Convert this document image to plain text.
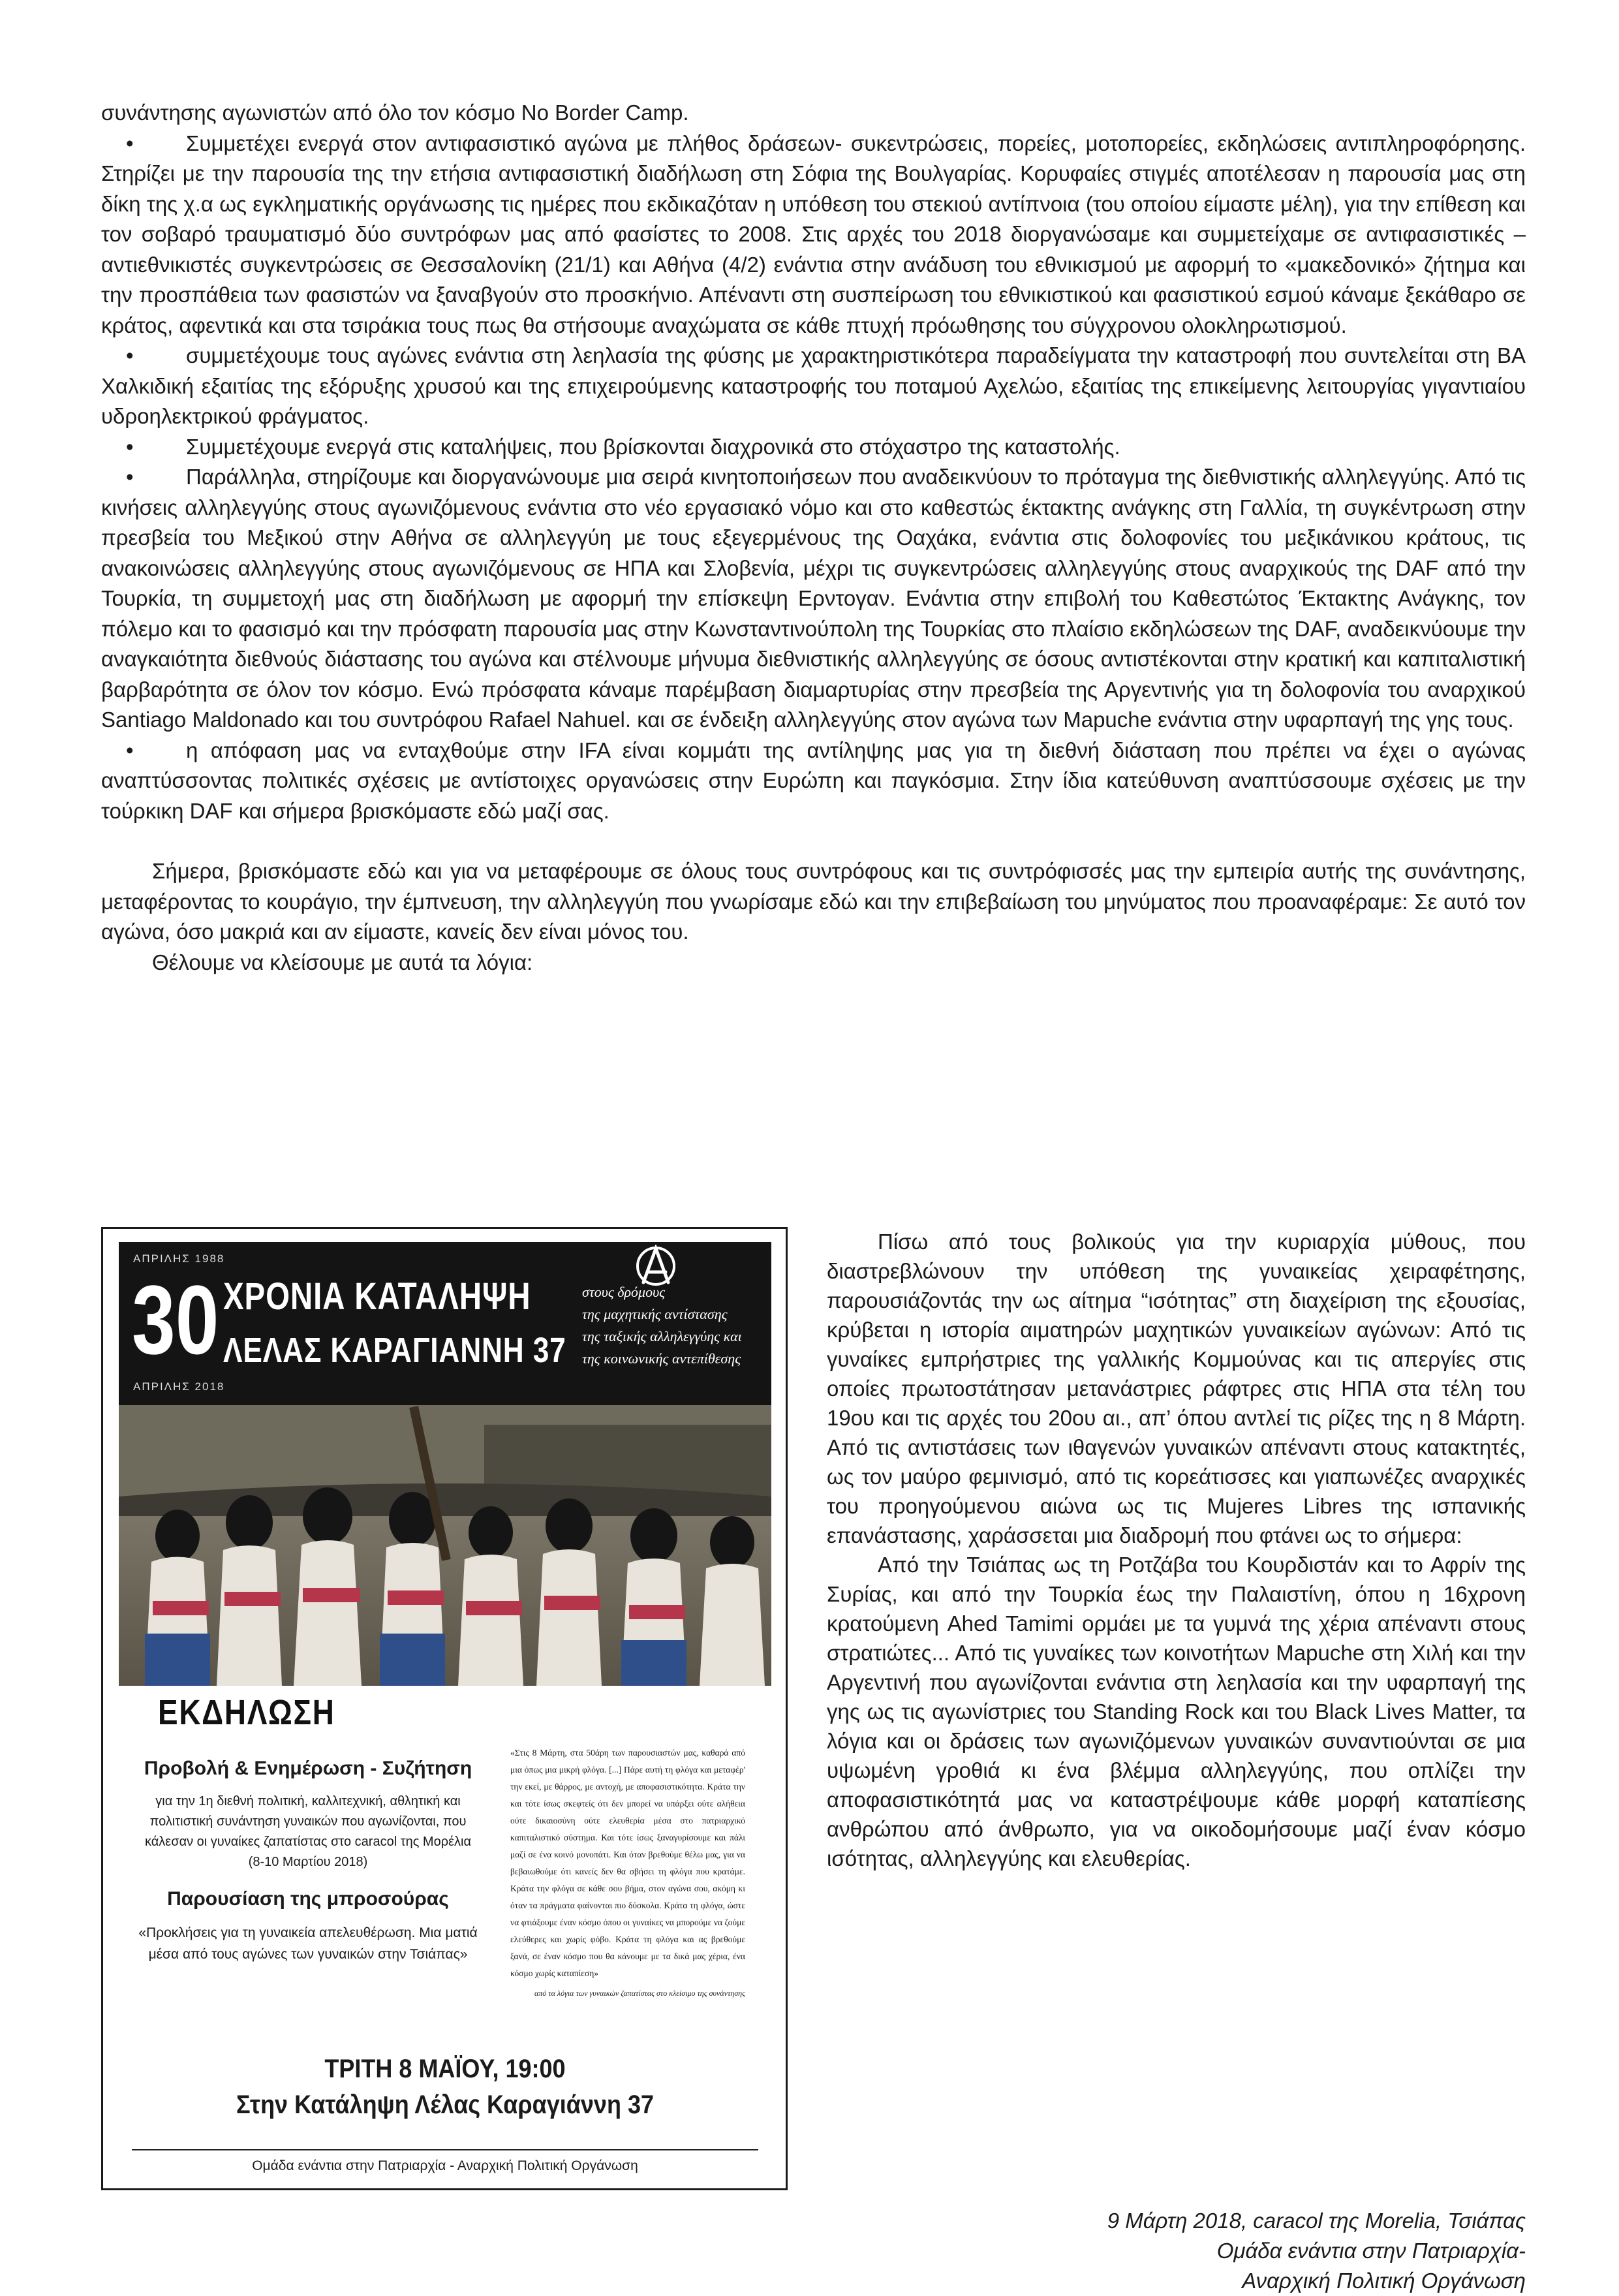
συνάντησης αγωνιστών από όλο τον κόσμο No Border Camp.

•	Συμμετέχει ενεργά στον αντιφασιστικό αγώνα με πλήθος δράσεων- συκεντρώσεις, πορείες, μοτοπορείες, εκδηλώσεις αντιπληροφόρησης. Στηρίζει με την παρουσία της την ετήσια αντιφασιστική διαδήλωση στη Σόφια της Βουλγαρίας. Κορυφαίες στιγμές αποτέλεσαν η παρουσία μας στη δίκη της χ.α ως εγκληματικής οργάνωσης τις ημέρες που εκδικαζόταν η υπόθεση του στεκιού αντίπνοια (του οποίου είμαστε μέλη), για την επίθεση και τον σοβαρό τραυματισμό δύο συντρόφων μας από φασίστες το 2008. Στις αρχές του 2018 διοργανώσαμε και συμμετείχαμε σε αντιφασιστικές – αντιεθνικιστές συγκεντρώσεις σε Θεσσαλονίκη (21/1) και Αθήνα (4/2) ενάντια στην ανάδυση του εθνικισμού με αφορμή το «μακεδονικό» ζήτημα και την προσπάθεια των φασιστών να ξαναβγούν στο προσκήνιο. Απέναντι στη συσπείρωση του εθνικιστικού και φασιστικού εσμού κάναμε ξεκάθαρο σε κράτος, αφεντικά και στα τσιράκια τους πως θα στήσουμε αναχώματα σε κάθε πτυχή πρόωθησης του σύγχρονου ολοκληρωτισμού.
•	συμμετέχουμε τους αγώνες ενάντια στη λεηλασία της φύσης με χαρακτηριστικότερα παραδείγματα την καταστροφή που συντελείται στη ΒΑ Χαλκιδική εξαιτίας της εξόρυξης χρυσού και της επιχειρούμενης καταστροφής του ποταμού Αχελώο, εξαιτίας της επικείμενης λειτουργίας γιγαντιαίου υδροηλεκτρικού φράγματος.
•	Συμμετέχουμε ενεργά στις καταλήψεις, που βρίσκονται διαχρονικά στο στόχαστρο της καταστολής.
•	Παράλληλα, στηρίζουμε και διοργανώνουμε μια σειρά κινητοποιήσεων που αναδεικνύουν το πρόταγμα της διεθνιστικής αλληλεγγύης. Από τις κινήσεις αλληλεγγύης στους αγωνιζόμενους ενάντια στο νέο εργασιακό νόμο και στο καθεστώς έκτακτης ανάγκης στη Γαλλία, τη συγκέντρωση στην πρεσβεία του Μεξικού στην Αθήνα σε αλληλεγγύη με τους εξεγερμένους της Οαχάκα, ενάντια στις δολοφονίες του μεξικάνικου κράτους, τις ανακοινώσεις αλληλεγγύης στους αγωνιζόμενους σε ΗΠΑ και Σλοβενία, μέχρι τις συγκεντρώσεις αλληλεγγύης στους αναρχικούς της DAF από την Τουρκία, τη συμμετοχή μας στη διαδήλωση με αφορμή την επίσκεψη Ερντογαν. Ενάντια στην επιβολή του Καθεστώτος Έκτακτης Ανάγκης, τον πόλεμο και το φασισμό και την πρόσφατη παρουσία μας στην Κωνσταντινούπολη της Τουρκίας στο πλαίσιο εκδηλώσεων της DAF, αναδεικνύουμε την αναγκαιότητα διεθνούς διάστασης του αγώνα και στέλνουμε μήνυμα διεθνιστικής αλληλεγγύης σε όσους αντιστέκονται στην κρατική και καπιταλιστική βαρβαρότητα σε όλον τον κόσμο. Ενώ πρόσφατα κάναμε παρέμβαση διαμαρτυρίας στην πρεσβεία της Αργεντινής για τη δολοφονία του αναρχικού Santiago Maldonado και του συντρόφου Rafael Nahuel. και σε ένδειξη αλληλεγγύης στον αγώνα των Mapuche ενάντια στην υφαρπαγή της γης τους.
•	η απόφαση μας να ενταχθούμε στην IFA είναι κομμάτι της αντίληψης μας για τη διεθνή διάσταση που πρέπει να έχει ο αγώνας αναπτύσσοντας πολιτικές σχέσεις με αντίστοιχες οργανώσεις στην Ευρώπη και παγκόσμια. Στην ίδια κατεύθυνση αναπτύσσουμε σχέσεις με την τούρκικη DAF και σήμερα βρισκόμαστε εδώ μαζί σας.

Σήμερα, βρισκόμαστε εδώ και για να μεταφέρουμε σε όλους τους συντρόφους και τις συντρόφισσές μας την εμπειρία αυτής της συνάντησης, μεταφέροντας το κουράγιο, την έμπνευση, την αλληλεγγύη που γνωρίσαμε εδώ και την επιβεβαίωση του μηνύματος που προαναφέραμε: Σε αυτό τον αγώνα, όσο μακριά και αν είμαστε, κανείς δεν είναι μόνος του.

Θέλουμε να κλείσουμε με αυτά τα λόγια:

ΑΠΡΙΛΗΣ 1988
30
ΑΠΡΙΛΗΣ 2018
ΧΡΟΝΙΑ ΚΑΤΑΛΗΨΗ
ΛΕΛΑΣ ΚΑΡΑΓΙΑΝΝΗ 37
στους δρόμους
της μαχητικής αντίστασης
της ταξικής αλληλεγγύης και
της κοινωνικής αντεπίθεσης
ΕΚΔΗΛΩΣΗ

Προβολή & Ενημέρωση - Συζήτηση

για την 1η διεθνή πολιτική, καλλιτεχνική, αθλητική και πολιτιστική συνάντηση γυναικών που αγωνίζονται, που κάλεσαν οι γυναίκες ζαπατίστας στο caracol της Μορέλια (8-10 Μαρτίου 2018)

Παρουσίαση της μπροσούρας

«Προκλήσεις για τη γυναικεία απελευθέρωση. Μια ματιά μέσα από τους αγώνες των γυναικών στην Τσιάπας»

«Στις 8 Μάρτη, στα 50άρη των παρουσιαστών μας, καθαρά από μια όπως μια μικρή φλόγα. [...] Πάρε αυτή τη φλόγα και μεταφέρ' την εκεί, με θάρρος, με αντοχή, με αποφασιστικότητα. Κράτα την και τότε ίσως σκεφτείς ότι δεν μπορεί να υπάρξει ούτε αλήθεια ούτε δικαιοσύνη ούτε ελευθερία μέσα στο πατριαρχικό καπιταλιστικό σύστημα. Και τότε ίσως ξαναγυρίσουμε και πάλι μαζί σε ένα κοινό μονοπάτι. Και όταν βρεθούμε θέλω μας, για να βεβαιωθούμε ότι κανείς δεν θα σβήσει τη φλόγα που κρατάμε. Κράτα την φλόγα σε κάθε σου βήμα, στον αγώνα σου, ακόμη κι όταν τα πράγματα φαίνονται πιο δύσκολα. Κράτα τη φλόγα, ώστε να φτιάξουμε έναν κόσμο όπου οι γυναίκες να μπορούμε να ζούμε ελεύθερες και χωρίς φόβο. Κράτα τη φλόγα και ας βρεθούμε ξανά, σε έναν κόσμο που θα κάνουμε με τα δικά μας χέρια, ένα κόσμο χωρίς καταπίεση»
από τα λόγια των γυναικών ζαπατίστας στο κλείσιμο της συνάντησης
ΤΡΙΤΗ 8 ΜΑΪΟΥ, 19:00
Στην Κατάληψη Λέλας Καραγιάννη 37
Ομάδα ενάντια στην Πατριαρχία - Αναρχική Πολιτική Οργάνωση

Πίσω από τους βολικούς για την κυριαρχία μύθους, που διαστρεβλώνουν την υπόθεση της γυναικείας χειραφέτησης, παρουσιάζοντάς την ως αίτημα “ισότητας” στη διαχείριση της εξουσίας, κρύβεται η ιστορία αιματηρών μαχητικών γυναικείων αγώνων: Από τις γυναίκες εμπρήστριες της γαλλικής Κομμούνας και τις απεργίες στις οποίες πρωτοστάτησαν μετανάστριες ράφτρες στις ΗΠΑ στα τέλη του 19ου και τις αρχές του 20ου αι., απ’ όπου αντλεί τις ρίζες της η 8 Μάρτη. Από τις αντιστάσεις των ιθαγενών γυναικών απέναντι στους κατακτητές, ως τον μαύρο φεμινισμό, από τις κορεάτισσες και γιαπωνέζες αναρχικές του προηγούμενου αιώνα ως τις Mujeres Libres της ισπανικής επανάστασης, χαράσσεται μια διαδρομή που φτάνει ως το σήμερα:

Από την Τσιάπας ως τη Ροτζάβα του Κουρδιστάν και το Αφρίν της Συρίας, και από την Τουρκία έως την Παλαιστίνη, όπου η 16χρονη κρατούμενη Ahed Tamimi ορμάει με τα γυμνά της χέρια απέναντι στους στρατιώτες... Από τις γυναίκες των κοινοτήτων Mapuche στη Χιλή και την Αργεντινή που αγωνίζονται ενάντια στη λεηλασία και την υφαρπαγή της γης ως τις αγωνίστριες του Standing Rock και του Black Lives Matter, τα λόγια και οι δράσεις των αγωνιζόμενων γυναικών συναντιούνται σε μια υψωμένη γροθιά κι ένα βλέμμα αλληλεγγύης, που οπλίζει την αποφασιστικότητά μας να καταστρέψουμε κάθε μορφή καταπίεσης ανθρώπου από άνθρωπο, για να οικοδομήσουμε μαζί έναν κόσμο ισότητας, αλληλεγγύης και ελευθερίας.

9 Μάρτη 2018, caracol της Morelia, Τσιάπας
Ομάδα ενάντια στην Πατριαρχία-
Αναρχική Πολιτική Οργάνωση
